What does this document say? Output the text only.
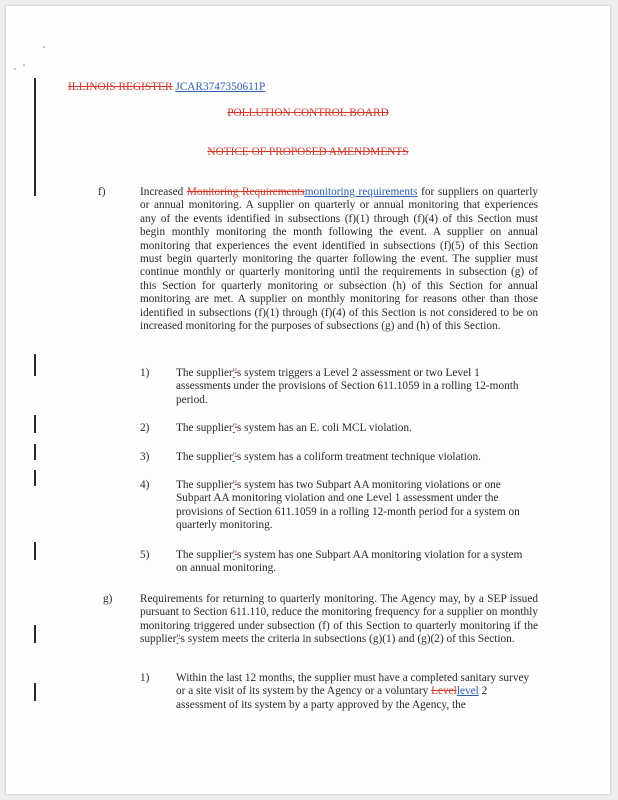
ILLINOIS REGISTER JCAR3747350611P
POLLUTION CONTROL BOARD
NOTICE OF PROPOSED AMENDMENTS
f)	Increased Monitoring Requirementsmonitoring requirements for suppliers on quarterly or annual monitoring. A supplier on quarterly or annual monitoring that experiences any of the events identified in subsections (f)(1) through (f)(4) of this Section must begin monthly monitoring the month following the event. A supplier on annual monitoring that experiences the event identified in subsections (f)(5) of this Section must begin quarterly monitoring the quarter following the event. The supplier must continue monthly or quarterly monitoring until the requirements in subsection (g) of this Section for quarterly monitoring or subsection (h) of this Section for annual monitoring are met. A supplier on monthly monitoring for reasons other than those identified in subsections (f)(1) through (f)(4) of this Section is not considered to be on increased monitoring for the purposes of subsections (g) and (h) of this Section.
1) The supplier''s system triggers a Level 2 assessment or two Level 1 assessments under the provisions of Section 611.1059 in a rolling 12-month period.
2) The supplier''s system has an E. coli MCL violation.
3) The supplier''s system has a coliform treatment technique violation.
4) The supplier''s system has two Subpart AA monitoring violations or one Subpart AA monitoring violation and one Level 1 assessment under the provisions of Section 611.1059 in a rolling 12-month period for a system on quarterly monitoring.
5) The supplier''s system has one Subpart AA monitoring violation for a system on annual monitoring.
g) Requirements for returning to quarterly monitoring. The Agency may, by a SEP issued pursuant to Section 611.110, reduce the monitoring frequency for a supplier on monthly monitoring triggered under subsection (f) of this Section to quarterly monitoring if the supplier''s system meets the criteria in subsections (g)(1) and (g)(2) of this Section.
1) Within the last 12 months, the supplier must have a completed sanitary survey or a site visit of its system by the Agency or a voluntary Levellevel 2 assessment of its system by a party approved by the Agency, the
